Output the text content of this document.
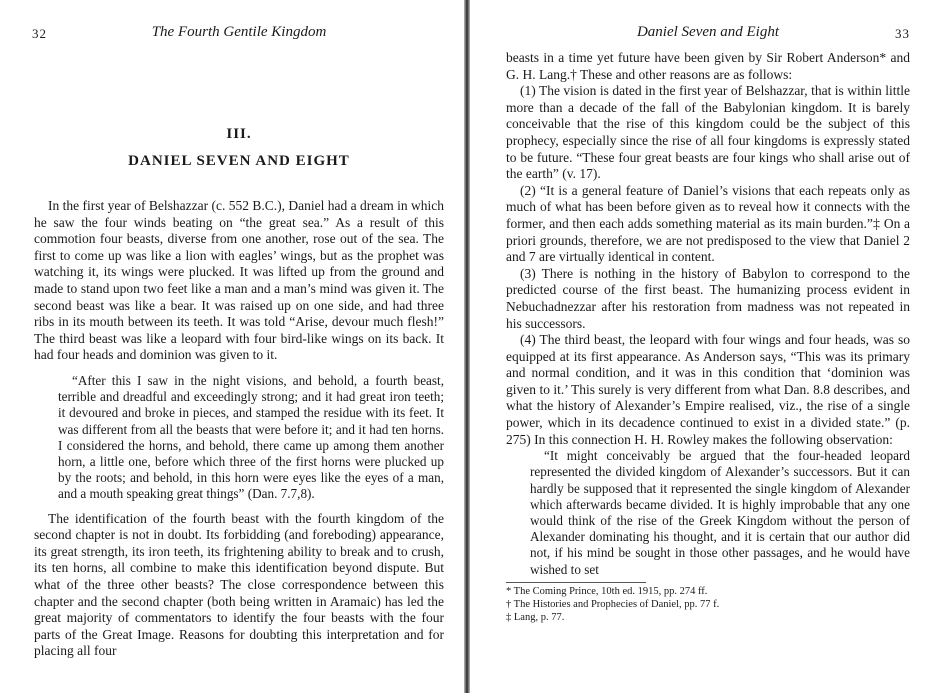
32	The Fourth Gentile Kingdom
III.
DANIEL SEVEN AND EIGHT

In the first year of Belshazzar (c. 552 B.C.), Daniel had a dream in which he saw the four winds beating on “the great sea.” As a result of this commotion four beasts, diverse from one another, rose out of the sea. The first to come up was like a lion with eagles’ wings, but as the prophet was watching it, its wings were plucked. It was lifted up from the ground and made to stand upon two feet like a man and a man’s mind was given it. The second beast was like a bear. It was raised up on one side, and had three ribs in its mouth between its teeth. It was told “Arise, devour much flesh!” The third beast was like a leopard with four bird-like wings on its back. It had four heads and dominion was given to it.

“After this I saw in the night visions, and behold, a fourth beast, terrible and dreadful and exceedingly strong; and it had great iron teeth; it devoured and broke in pieces, and stamped the residue with its feet. It was different from all the beasts that were before it; and it had ten horns. I considered the horns, and behold, there came up among them another horn, a little one, before which three of the first horns were plucked up by the roots; and behold, in this horn were eyes like the eyes of a man, and a mouth speaking great things” (Dan. 7.7,8).

The identification of the fourth beast with the fourth kingdom of the second chapter is not in doubt. Its forbidding (and foreboding) appearance, its great strength, its iron teeth, its frightening ability to break and to crush, its ten horns, all combine to make this identification beyond dispute. But what of the three other beasts? The close correspondence between this chapter and the second chapter (both being written in Aramaic) has led the great majority of commentators to identify the four beasts with the four parts of the Great Image. Reasons for doubting this interpretation and for placing all four

Daniel Seven and Eight	33

beasts in a time yet future have been given by Sir Robert Anderson* and G. H. Lang.† These and other reasons are as follows:

(1) The vision is dated in the first year of Belshazzar, that is within little more than a decade of the fall of the Babylonian kingdom. It is barely conceivable that the rise of this kingdom could be the subject of this prophecy, especially since the rise of all four kingdoms is expressly stated to be future. “These four great beasts are four kings who shall arise out of the earth” (v. 17).

(2) “It is a general feature of Daniel’s visions that each repeats only as much of what has been before given as to reveal how it connects with the former, and then each adds something material as its main burden.”‡ On a priori grounds, therefore, we are not predisposed to the view that Daniel 2 and 7 are virtually identical in content.

(3) There is nothing in the history of Babylon to correspond to the predicted course of the first beast. The humanizing process evident in Nebuchadnezzar after his restoration from madness was not repeated in his successors.

(4) The third beast, the leopard with four wings and four heads, was so equipped at its first appearance. As Anderson says, “This was its primary and normal condition, and it was in this condition that ‘dominion was given to it.’ This surely is very different from what Dan. 8.8 describes, and what the history of Alexander’s Empire realised, viz., the rise of a single power, which in its decadence continued to exist in a divided state.” (p. 275) In this connection H. H. Rowley makes the following observation:

“It might conceivably be argued that the four-headed leopard represented the divided kingdom of Alexander’s successors. But it can hardly be supposed that it represented the single kingdom of Alexander which afterwards became divided. It is highly improbable that any one would think of the rise of the Greek Kingdom without the person of Alexander dominating his thought, and it is certain that our author did not, if his mind be sought in those other passages, and he would have wished to set

* The Coming Prince, 10th ed. 1915, pp. 274 ff.

† The Histories and Prophecies of Daniel, pp. 77 f.

‡ Lang, p. 77.
